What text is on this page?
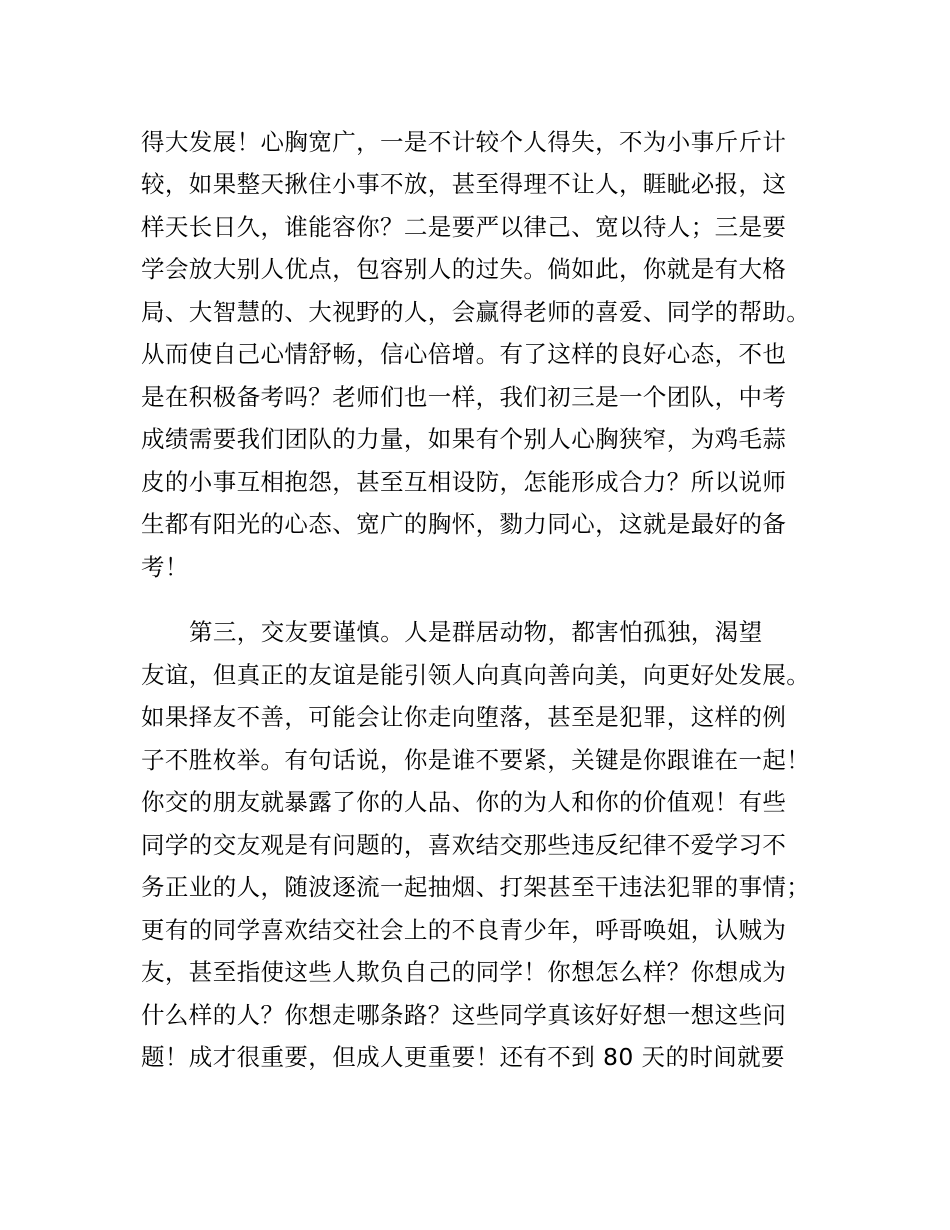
得大发展！心胸宽广，一是不计较个人得失，不为小事斤斤计
较，如果整天揪住小事不放，甚至得理不让人，睚眦必报，这
样天长日久，谁能容你？二是要严以律己、宽以待人；三是要
学会放大别人优点，包容别人的过失。倘如此，你就是有大格
局、大智慧的、大视野的人，会赢得老师的喜爱、同学的帮助。
从而使自己心情舒畅，信心倍增。有了这样的良好心态，不也
是在积极备考吗？老师们也一样，我们初三是一个团队，中考
成绩需要我们团队的力量，如果有个别人心胸狭窄，为鸡毛蒜
皮的小事互相抱怨，甚至互相设防，怎能形成合力？所以说师
生都有阳光的心态、宽广的胸怀，勠力同心，这就是最好的备
考！
第三，交友要谨慎。人是群居动物，都害怕孤独，渴望
友谊，但真正的友谊是能引领人向真向善向美，向更好处发展。
如果择友不善，可能会让你走向堕落，甚至是犯罪，这样的例
子不胜枚举。有句话说，你是谁不要紧，关键是你跟谁在一起！
你交的朋友就暴露了你的人品、你的为人和你的价值观！有些
同学的交友观是有问题的，喜欢结交那些违反纪律不爱学习不
务正业的人，随波逐流一起抽烟、打架甚至干违法犯罪的事情；
更有的同学喜欢结交社会上的不良青少年，呼哥唤姐，认贼为
友，甚至指使这些人欺负自己的同学！你想怎么样？你想成为
什么样的人？你想走哪条路？这些同学真该好好想一想这些问
题！成才很重要，但成人更重要！还有不到 80 天的时间就要
